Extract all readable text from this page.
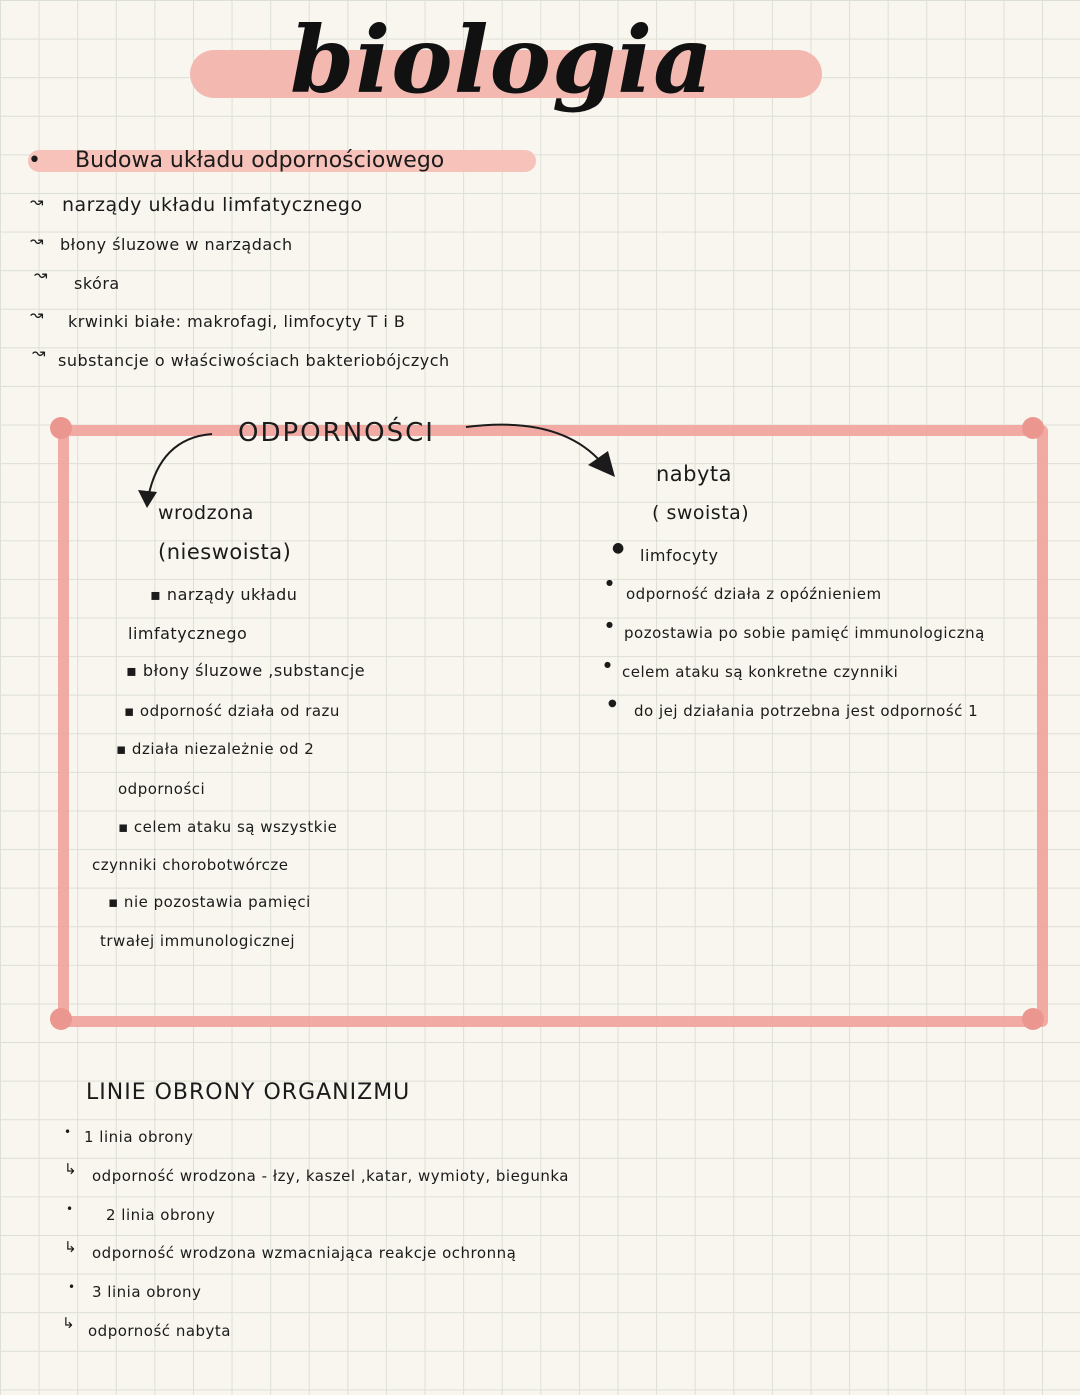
biologia
• Budowa układu odpornościowego
↝ narządy układu limfatycznego
↝ błony śluzowe w narządach
↝ skóra
↝ krwinki białe: makrofagi, limfocyty T i B
↝ substancje o właściwościach bakteriobójczych
ODPORNOŚCI
wrodzona
(nieswoista)
▪ narządy układu
limfatycznego
▪ błony śluzowe ,substancje
▪ odporność działa od razu
▪ działa niezależnie od 2
odporności
▪ celem ataku są wszystkie
czynniki chorobotwórcze
▪ nie pozostawia pamięci
trwałej immunologicznej
nabyta
( swoista)
● limfocyty
●
odporność działa z opóźnieniem
● pozostawia po sobie pamięć immunologiczną
● celem ataku są konkretne czynniki
● do jej działania potrzebna jest odporność 1
LINIE OBRONY ORGANIZMU
• 1 linia obrony
↳ odporność wrodzona - łzy, kaszel ,katar, wymioty, biegunka
• 2 linia obrony
↳ odporność wrodzona wzmacniająca reakcje ochronną
• 3 linia obrony
↳ odporność nabyta
